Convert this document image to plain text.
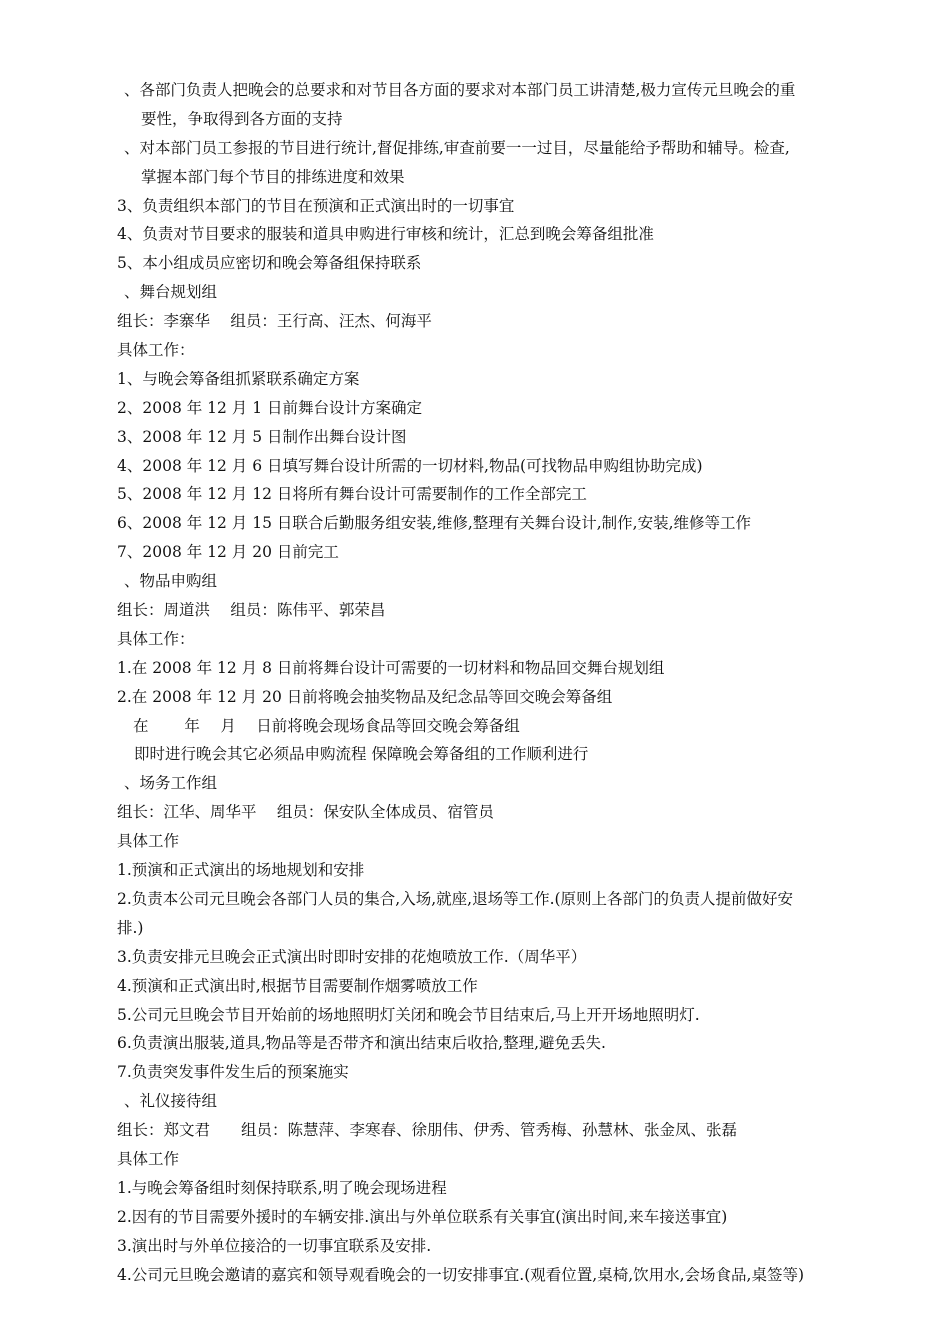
、各部门负责人把晚会的总要求和对节目各方面的要求对本部门员工讲清楚,极力宣传元旦晚会的重
要性，争取得到各方面的支持
、对本部门员工参报的节目进行统计,督促排练,审查前要一一过目，尽量能给予帮助和辅导。检查,
掌握本部门每个节目的排练进度和效果
3、负责组织本部门的节目在预演和正式演出时的一切事宜
4、负责对节目要求的服装和道具申购进行审核和统计，汇总到晚会筹备组批准
5、本小组成员应密切和晚会筹备组保持联系
、舞台规划组
组长：李寨华　 组员：王行高、汪杰、何海平
具体工作：
1、与晚会筹备组抓紧联系确定方案
2、2008 年 12 月 1 日前舞台设计方案确定
3、2008 年 12 月 5 日制作出舞台设计图
4、2008 年 12 月 6 日填写舞台设计所需的一切材料,物品(可找物品申购组协助完成)
5、2008 年 12 月 12 日将所有舞台设计可需要制作的工作全部完工
6、2008 年 12 月 15 日联合后勤服务组安装,维修,整理有关舞台设计,制作,安装,维修等工作
7、2008 年 12 月 20 日前完工
、物品申购组
组长：周道洪　 组员：陈伟平、郭荣昌
具体工作：
1.在 2008 年 12 月 8 日前将舞台设计可需要的一切材料和物品回交舞台规划组
2.在 2008 年 12 月 20 日前将晚会抽奖物品及纪念品等回交晚会筹备组
在　　 年　 月　 日前将晚会现场食品等回交晚会筹备组
即时进行晚会其它必须品申购流程 保障晚会筹备组的工作顺利进行
、场务工作组
组长：江华、周华平　 组员：保安队全体成员、宿管员
具体工作
1.预演和正式演出的场地规划和安排
2.负责本公司元旦晚会各部门人员的集合,入场,就座,退场等工作.(原则上各部门的负责人提前做好安
排.)
3.负责安排元旦晚会正式演出时即时安排的花炮喷放工作.（周华平）
4.预演和正式演出时,根据节目需要制作烟雾喷放工作
5.公司元旦晚会节目开始前的场地照明灯关闭和晚会节目结束后,马上开开场地照明灯.
6.负责演出服装,道具,物品等是否带齐和演出结束后收拾,整理,避免丢失.
7.负责突发事件发生后的预案施实
、礼仪接待组
组长：郑文君　　组员：陈慧萍、李寒春、徐朋伟、伊秀、管秀梅、孙慧林、张金凤、张磊
具体工作
1.与晚会筹备组时刻保持联系,明了晚会现场进程
2.因有的节目需要外援时的车辆安排.演出与外单位联系有关事宜(演出时间,来车接送事宜)
3.演出时与外单位接洽的一切事宜联系及安排.
4.公司元旦晚会邀请的嘉宾和领导观看晚会的一切安排事宜.(观看位置,桌椅,饮用水,会场食品,桌签等)
